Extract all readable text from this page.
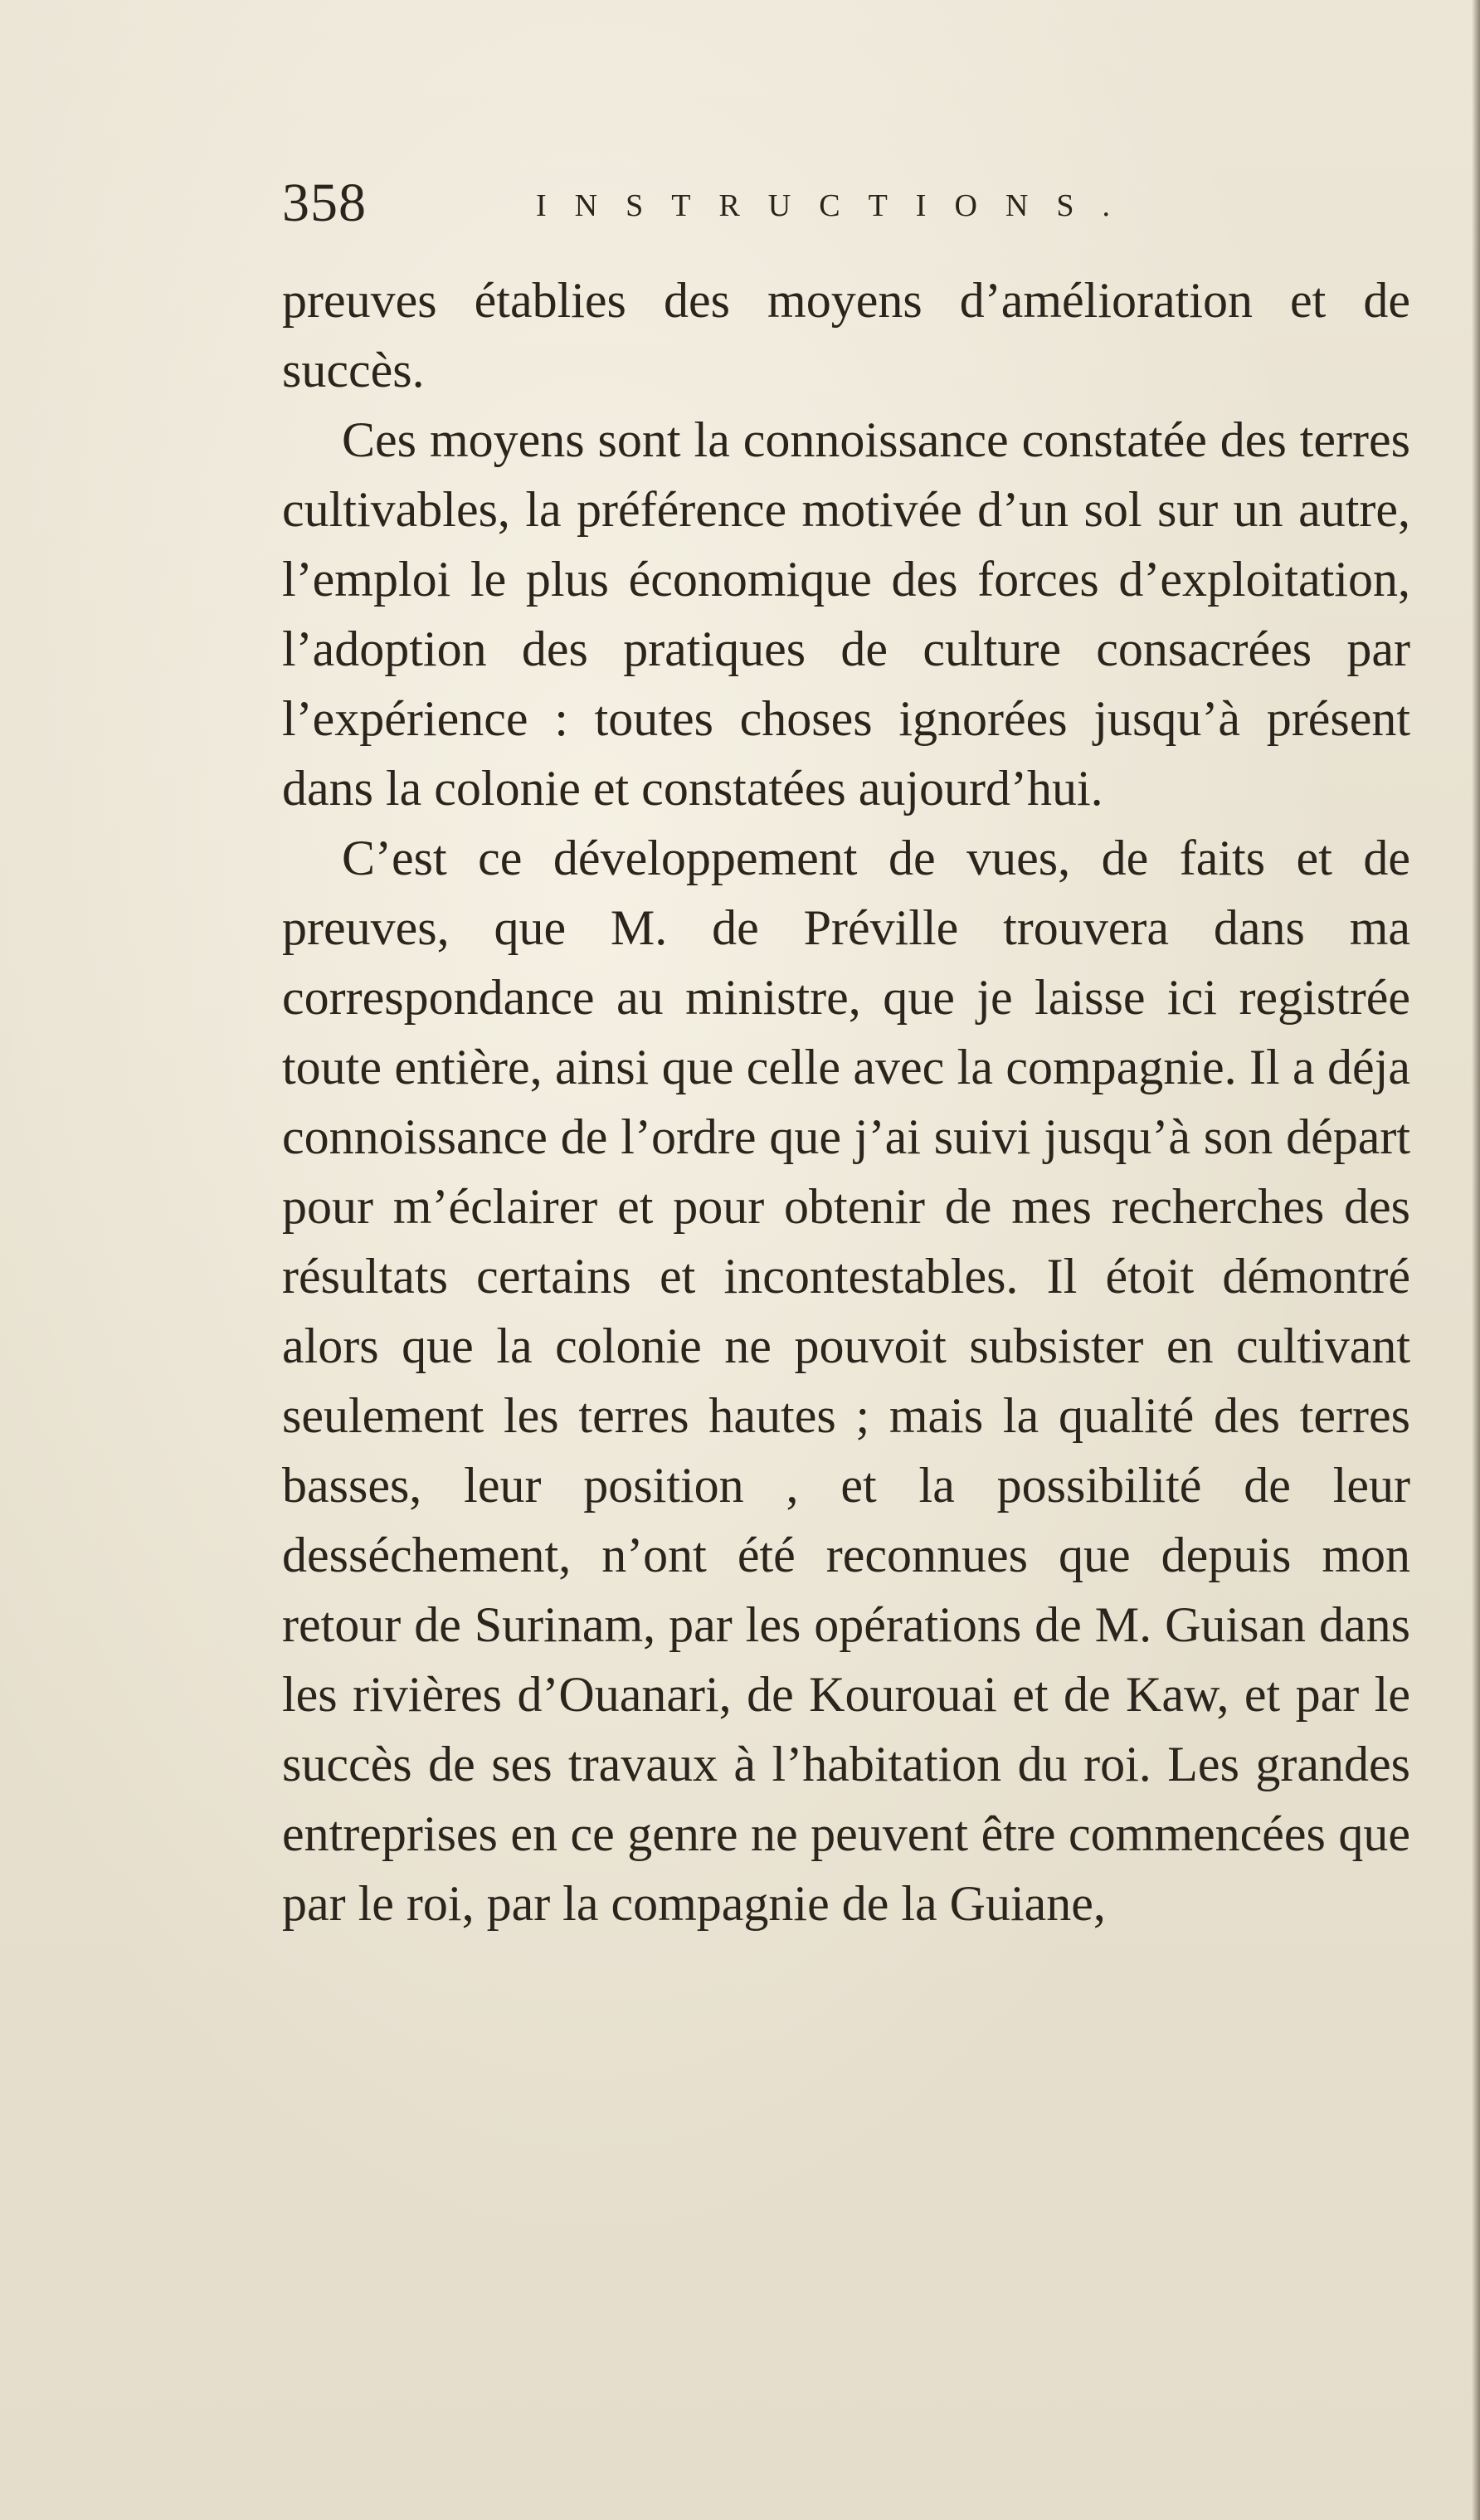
358	INSTRUCTIONS.

preuves établies des moyens d’amélioration et de succès.

Ces moyens sont la connoissance constatée des terres cultivables, la préférence motivée d’un sol sur un autre, l’emploi le plus économique des forces d’exploitation, l’adoption des pratiques de culture consacrées par l’expérience : toutes choses ignorées jusqu’à présent dans la colonie et constatées aujourd’hui.

C’est ce développement de vues, de faits et de preuves, que M. de Préville trouvera dans ma correspondance au ministre, que je laisse ici registrée toute entière, ainsi que celle avec la compagnie. Il a déja connoissance de l’ordre que j’ai suivi jusqu’à son départ pour m’éclairer et pour obtenir de mes recherches des résultats certains et incontestables. Il étoit démontré alors que la colonie ne pouvoit subsister en cultivant seulement les terres hautes ; mais la qualité des terres basses, leur position , et la possibilité de leur desséchement, n’ont été reconnues que depuis mon retour de Surinam, par les opérations de M. Guisan dans les rivières d’Ouanari, de Kourouai et de Kaw, et par le succès de ses travaux à l’habitation du roi. Les grandes entreprises en ce genre ne peuvent être commencées que par le roi, par la compagnie de la Guiane,
